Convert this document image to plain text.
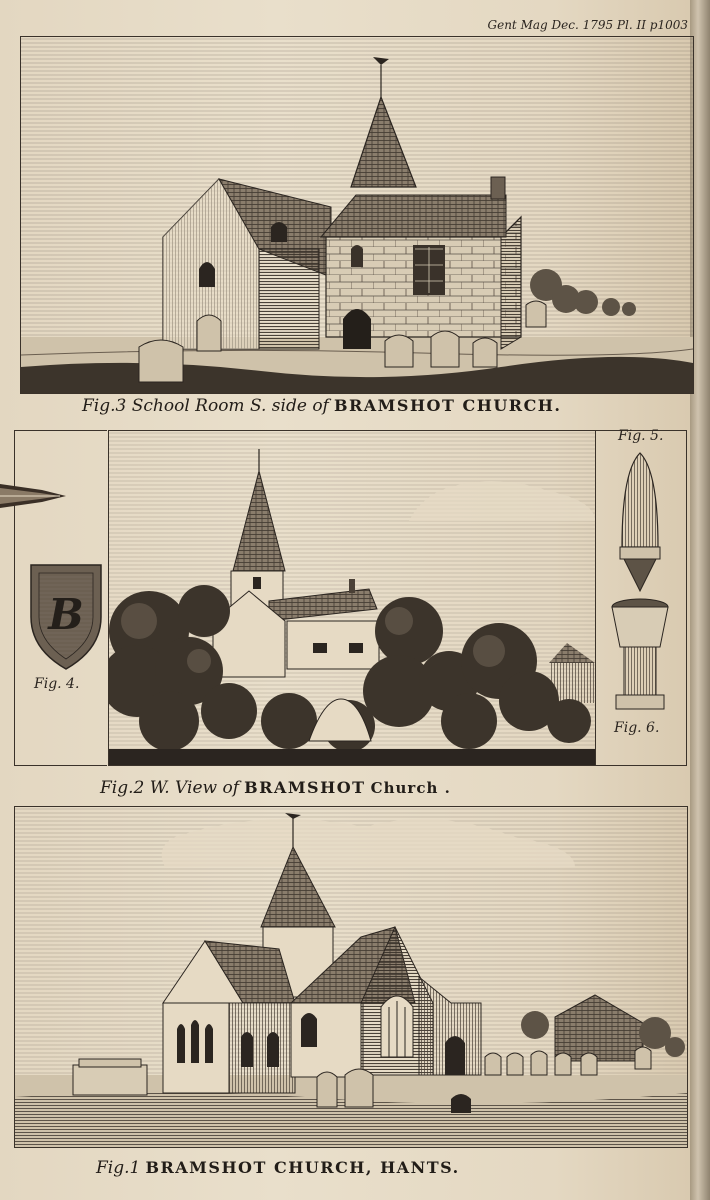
Gent Mag Dec. 1795 Pl. II p1003
Fig.3 School Room S. side of BRAMSHOT CHURCH.
B
Fig. 4.
Fig. 5.
Fig. 6.
Fig.2 W. View of BRAMSHOT Church .
Fig.1 BRAMSHOT CHURCH, HANTS.
